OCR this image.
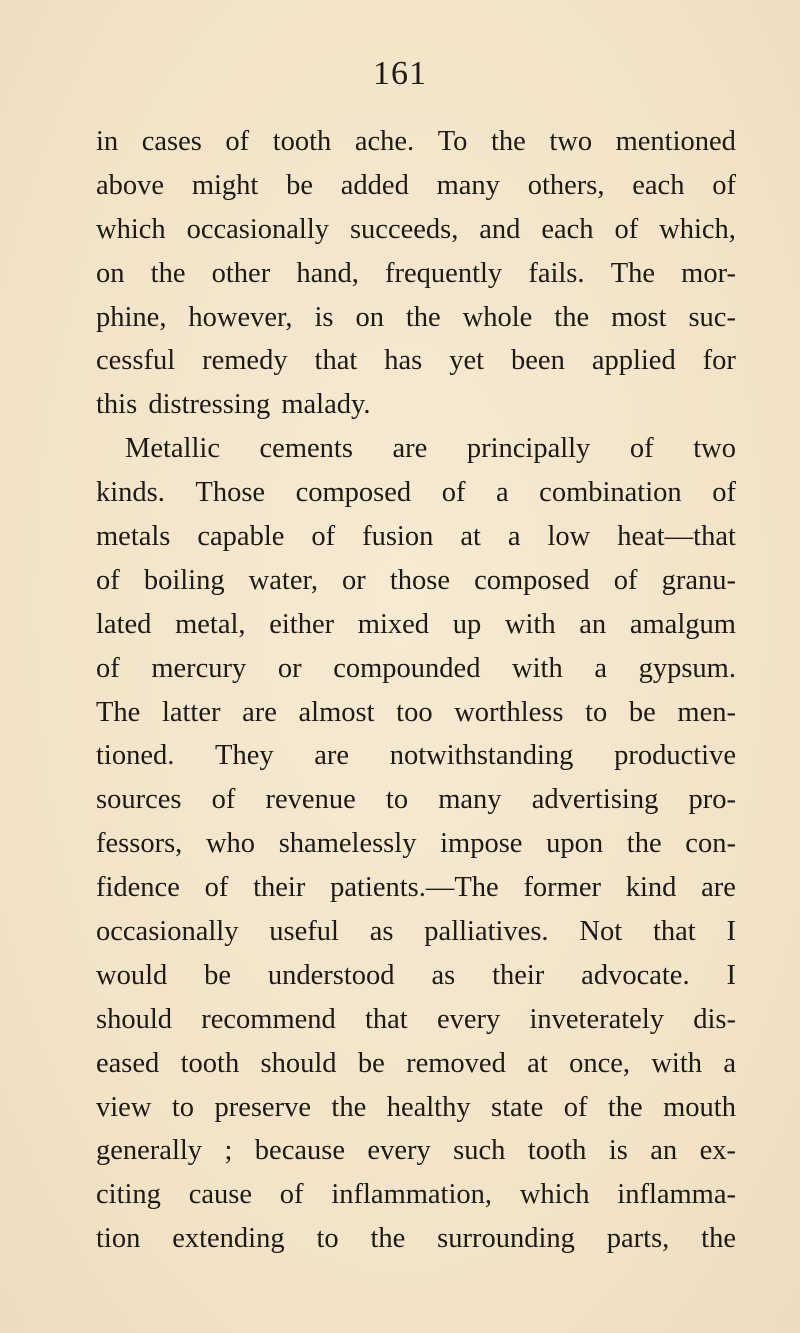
161
in cases of tooth ache. To the two mentioned
above might be added many others, each of
which occasionally succeeds, and each of which,
on the other hand, frequently fails. The mor-
phine, however, is on the whole the most suc-
cessful remedy that has yet been applied for
this
distressing
malady.
Metallic cements are principally of two
kinds. Those composed of a combination of
metals capable of fusion at a low heat—that
of boiling water, or those composed of granu-
lated metal, either mixed up with an amalgum
of mercury or compounded with a gypsum.
The latter are almost too worthless to be men-
tioned. They are notwithstanding productive
sources of revenue to many advertising pro-
fessors, who shamelessly impose upon the con-
fidence of their patients.—The former kind are
occasionally useful as palliatives. Not that I
would be understood as their advocate. I
should recommend that every inveterately dis-
eased tooth should be removed at once, with a
view to preserve the healthy state of the mouth
generally ; because every such tooth is an ex-
citing cause of inflammation, which inflamma-
tion extending to the surrounding parts, the
